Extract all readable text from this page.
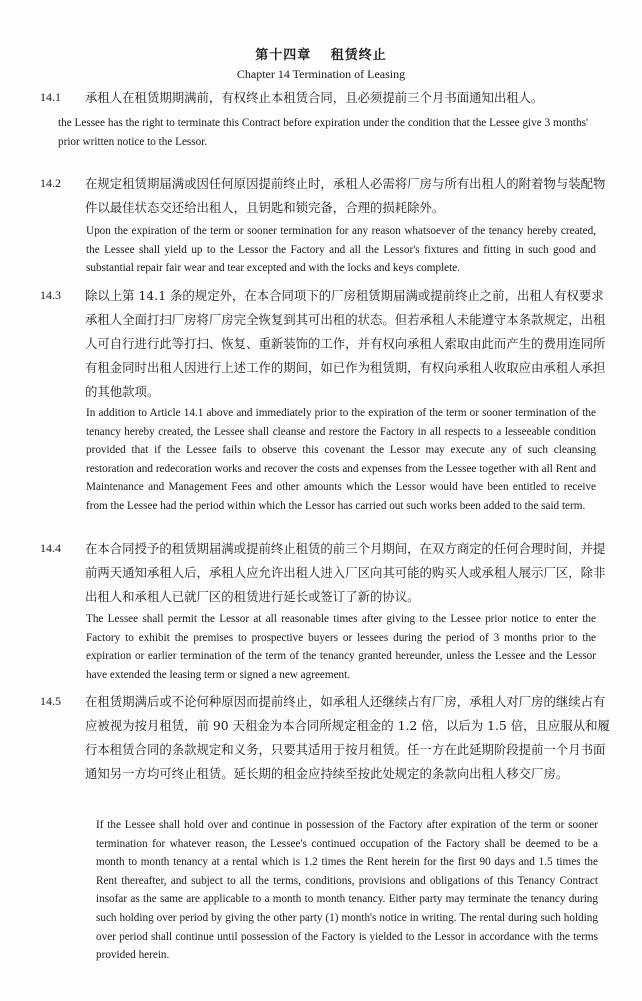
第十四章　 租赁终止
Chapter 14 Termination of Leasing
14.1 承租人在租赁期期满前，有权终止本租赁合同，且必须提前三个月书面通知出租人。
the Lessee has the right to terminate this Contract before expiration under the condition that the Lessee give 3 months' prior written notice to the Lessor.
14.2 在规定租赁期届满或因任何原因提前终止时，承租人必需将厂房与所有出租人的附着物与装配物件以最佳状态交还给出租人，且钥匙和锁完备，合理的损耗除外。
Upon the expiration of the term or sooner termination for any reason whatsoever of the tenancy hereby created, the Lessee shall yield up to the Lessor the Factory and all the Lessor's fixtures and fitting in such good and substantial repair fair wear and tear excepted and with the locks and keys complete.
14.3 除以上第 14.1 条的规定外，在本合同项下的厂房租赁期届满或提前终止之前，出租人有权要求承租人全面打扫厂房将厂房完全恢复到其可出租的状态。但若承租人未能遵守本条款规定，出租人可自行进行此等打扫、恢复、重新装饰的工作，并有权向承租人索取由此而产生的费用连同所有租金同时出租人因进行上述工作的期间，如已作为租赁期，有权向承租人收取应由承租人承担的其他款项。
In addition to Article 14.1 above and immediately prior to the expiration of the term or sooner termination of the tenancy hereby created, the Lessee shall cleanse and restore the Factory in all respects to a lesseeable condition provided that if the Lessee fails to observe this covenant the Lessor may execute any of such cleansing restoration and redecoration works and recover the costs and expenses from the Lessee together with all Rent and Maintenance and Management Fees and other amounts which the Lessor would have been entitled to receive from the Lessee had the period within which the Lessor has carried out such works been added to the said term.
14.4 在本合同授予的租赁期届满或提前终止租赁的前三个月期间，在双方商定的任何合理时间，并提前两天通知承租人后，承租人应允许出租人进入厂区向其可能的购买人或承租人展示厂区，除非出租人和承租人已就厂区的租赁进行延长或签订了新的协议。
The Lessee shall permit the Lessor at all reasonable times after giving to the Lessee prior notice to enter the Factory to exhibit the premises to prospective buyers or lessees during the period of 3 months prior to the expiration or earlier termination of the term of the tenancy granted hereunder, unless the Lessee and the Lessor have extended the leasing term or signed a new agreement.
14.5 在租赁期满后或不论何种原因而提前终止，如承租人还继续占有厂房，承租人对厂房的继续占有应被视为按月租赁，前 90 天租金为本合同所规定租金的 1.2 倍，以后为 1.5 倍，且应服从和履行本租赁合同的条款规定和义务，只要其适用于按月租赁。任一方在此延期阶段提前一个月书面通知另一方均可终止租赁。延长期的租金应持续至按此处规定的条款向出租人移交厂房。
If the Lessee shall hold over and continue in possession of the Factory after expiration of the term or sooner termination for whatever reason, the Lessee's continued occupation of the Factory shall be deemed to be a month to month tenancy at a rental which is 1.2 times the Rent herein for the first 90 days and 1.5 times the Rent thereafter, and subject to all the terms, conditions, provisions and obligations of this Tenancy Contract insofar as the same are applicable to a month to month tenancy. Either party may terminate the tenancy during such holding over period by giving the other party (1) month's notice in writing. The rental during such holding over period shall continue until possession of the Factory is yielded to the Lessor in accordance with the terms provided herein.
